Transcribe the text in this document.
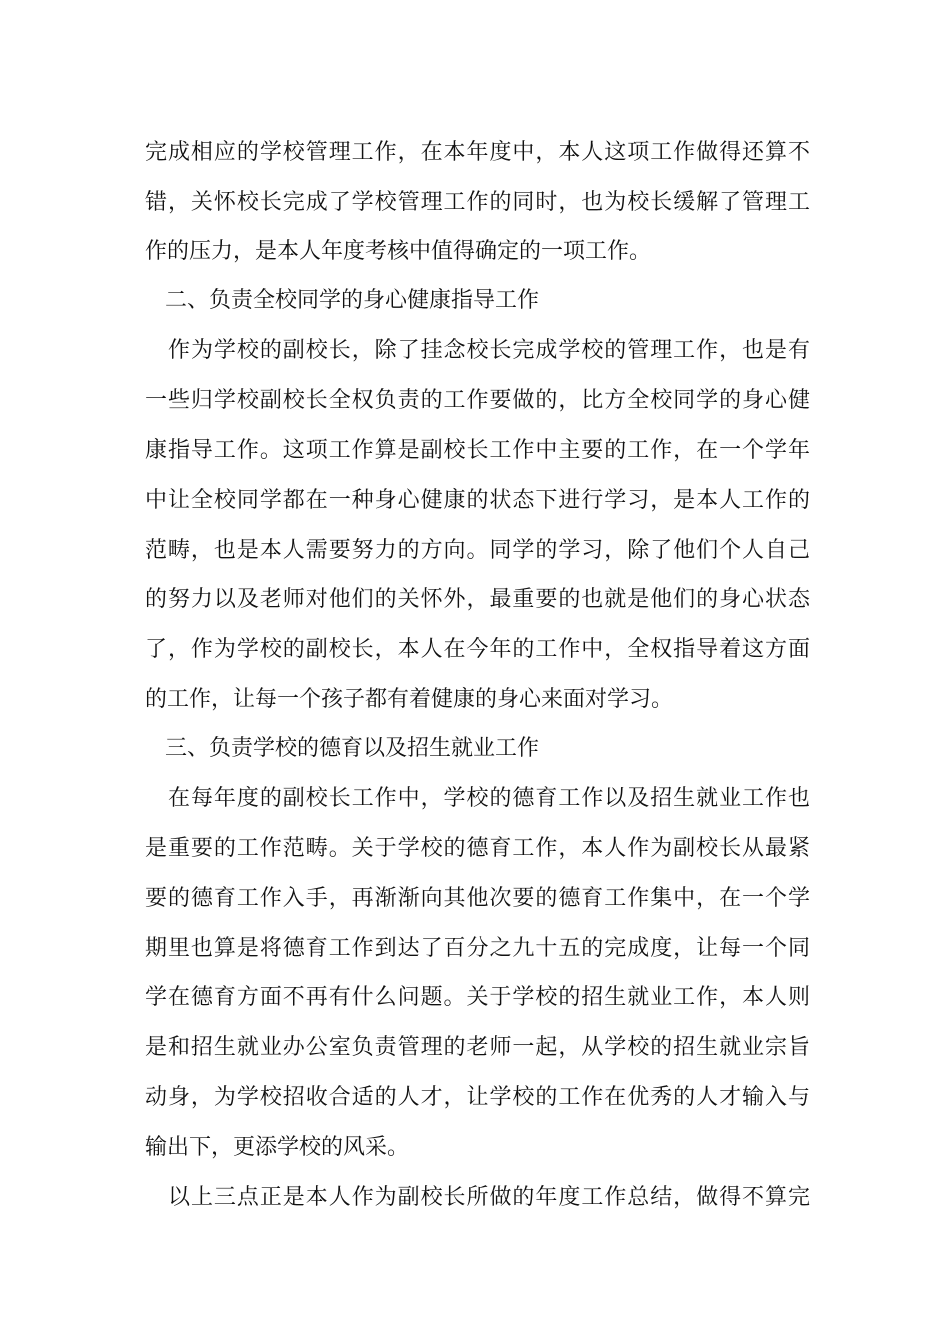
完成相应的学校管理工作，在本年度中，本人这项工作做得还算不
错，关怀校长完成了学校管理工作的同时，也为校长缓解了管理工
作的压力，是本人年度考核中值得确定的一项工作。
二、负责全校同学的身心健康指导工作
作为学校的副校长，除了挂念校长完成学校的管理工作，也是有
一些归学校副校长全权负责的工作要做的，比方全校同学的身心健
康指导工作。这项工作算是副校长工作中主要的工作，在一个学年
中让全校同学都在一种身心健康的状态下进行学习，是本人工作的
范畴，也是本人需要努力的方向。同学的学习，除了他们个人自己
的努力以及老师对他们的关怀外，最重要的也就是他们的身心状态
了，作为学校的副校长，本人在今年的工作中，全权指导着这方面
的工作，让每一个孩子都有着健康的身心来面对学习。
三、负责学校的德育以及招生就业工作
在每年度的副校长工作中，学校的德育工作以及招生就业工作也
是重要的工作范畴。关于学校的德育工作，本人作为副校长从最紧
要的德育工作入手，再渐渐向其他次要的德育工作集中，在一个学
期里也算是将德育工作到达了百分之九十五的完成度，让每一个同
学在德育方面不再有什么问题。关于学校的招生就业工作，本人则
是和招生就业办公室负责管理的老师一起，从学校的招生就业宗旨
动身，为学校招收合适的人才，让学校的工作在优秀的人才输入与
输出下，更添学校的风采。
以上三点正是本人作为副校长所做的年度工作总结，做得不算完
